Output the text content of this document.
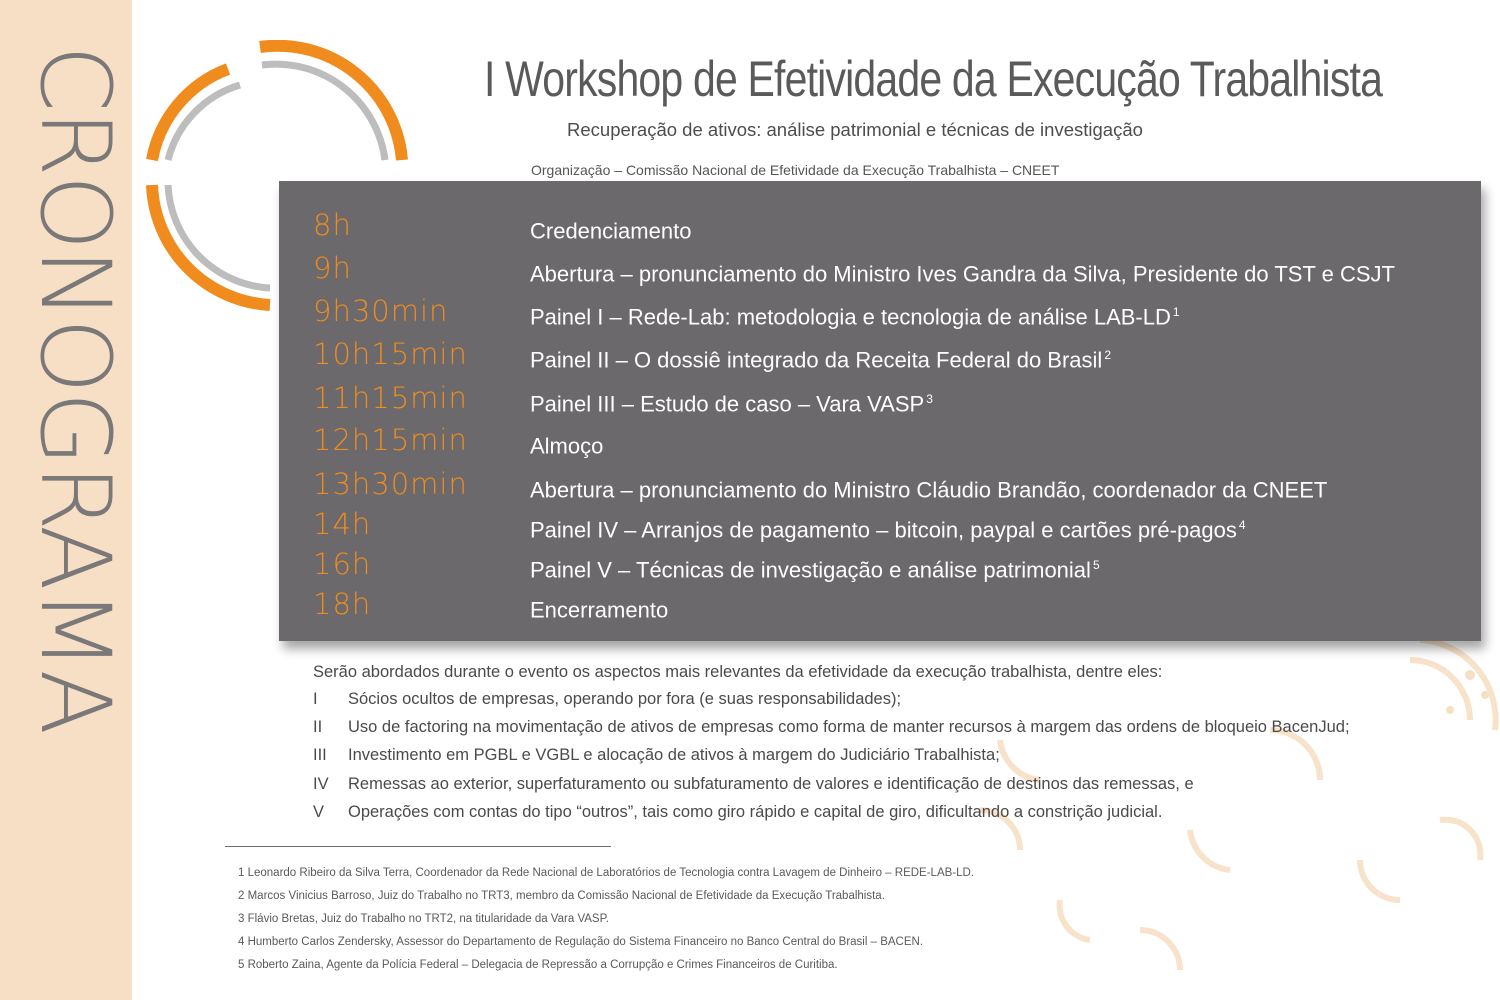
CRONOGRAMA	I Workshop de Efetividade da Execução Trabalhista
Recuperação de ativos: análise patrimonial e técnicas de investigação
Organização – Comissão Nacional de Efetividade da Execução Trabalhista – CNEET
8h	Credenciamento
9h	Abertura – pronunciamento do Ministro Ives Gandra da Silva, Presidente do TST e CSJT
9h30min	Painel I – Rede-Lab: metodologia e tecnologia de análise LAB-LD $^1$
10h15min	Painel II – O dossiê integrado da Receita Federal do Brasil $^2$
11h15min	Painel III – Estudo de caso – Vara VASP $^3$
12h15min	Almoço
13h30min	Abertura – pronunciamento do Ministro Cláudio Brandão, coordenador da CNEET
14h	Painel IV – Arranjos de pagamento – bitcoin, paypal e cartões pré-pagos $^4$
16h	Painel V – Técnicas de investigação e análise patrimonial $^5$
18h	Encerramento
Serão abordados durante o evento os aspectos mais relevantes da efetividade da execução trabalhista, dentre eles:
I	Sócios ocultos de empresas, operando por fora (e suas responsabilidades);
II	Uso de factoring na movimentação de ativos de empresas como forma de manter recursos à margem das ordens de bloqueio BacenJud;
III	Investimento em PGBL e VGBL e alocação de ativos à margem do Judiciário Trabalhista;
IV	Remessas ao exterior, superfaturamento ou subfaturamento de valores e identificação de destinos das remessas, e
V	Operações com contas do tipo “outros”, tais como giro rápido e capital de giro, dificultando a constrição judicial.
1 Leonardo Ribeiro da Silva Terra, Coordenador da Rede Nacional de Laboratórios de Tecnologia contra Lavagem de Dinheiro – REDE-LAB-LD.
2 Marcos Vinicius Barroso, Juiz do Trabalho no TRT3, membro da Comissão Nacional de Efetividade da Execução Trabalhista.
3 Flávio Bretas, Juiz do Trabalho no TRT2, na titularidade da Vara VASP.
4 Humberto Carlos Zendersky, Assessor do Departamento de Regulação do Sistema Financeiro no Banco Central do Brasil – BACEN.
5 Roberto Zaina, Agente da Polícia Federal – Delegacia de Repressão a Corrupção e Crimes Financeiros de Curitiba.
